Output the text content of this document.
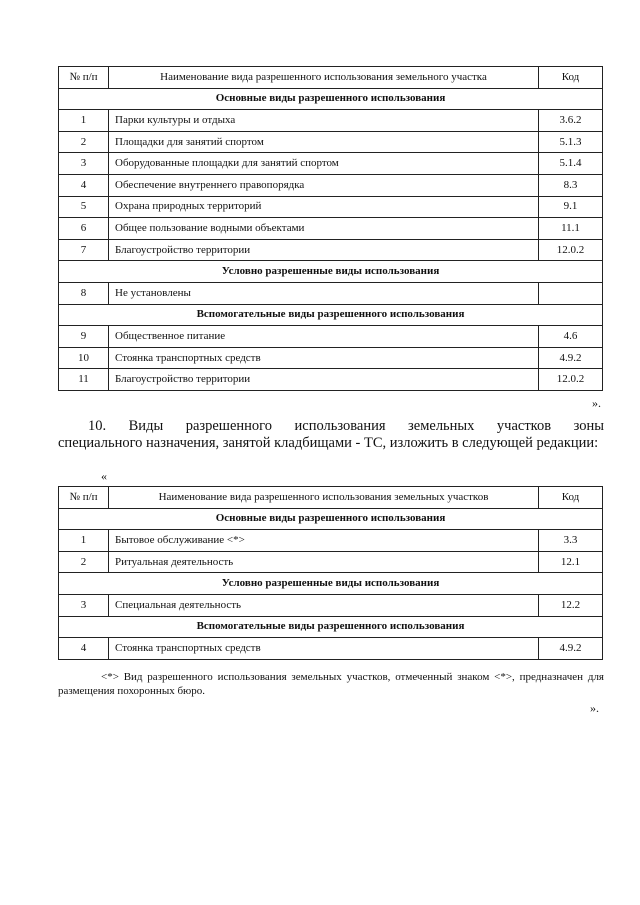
№ п/п	Наименование вида разрешенного использования земельного участка	Код
Основные виды разрешенного использования		
1	Парки культуры и отдыха	3.6.2
2	Площадки для занятий спортом	5.1.3
3	Оборудованные площадки для занятий спортом	5.1.4
4	Обеспечение внутреннего правопорядка	8.3
5	Охрана природных территорий	9.1
6	Общее пользование водными объектами	11.1
7	Благоустройство территории	12.0.2
Условно разрешенные виды использования		
8	Не установлены	
Вспомогательные виды разрешенного использования		
9	Общественное питание	4.6
10	Стоянка транспортных средств	4.9.2
11	Благоустройство территории	12.0.2
».
10. Виды разрешенного использования земельных участков зоны
специального назначения, занятой кладбищами - ТС, изложить в следующей редакции:
«
№ п/п	Наименование вида разрешенного использования земельных участков	Код
Основные виды разрешенного использования		
1	Бытовое обслуживание <*>	3.3
2	Ритуальная деятельность	12.1
Условно разрешенные виды использования		
3	Специальная деятельность	12.2
Вспомогательные виды разрешенного использования		
4	Стоянка транспортных средств	4.9.2
<*> Вид разрешенного использования земельных участков, отмеченный знаком <*>, предназначен для размещения похоронных бюро.
».
